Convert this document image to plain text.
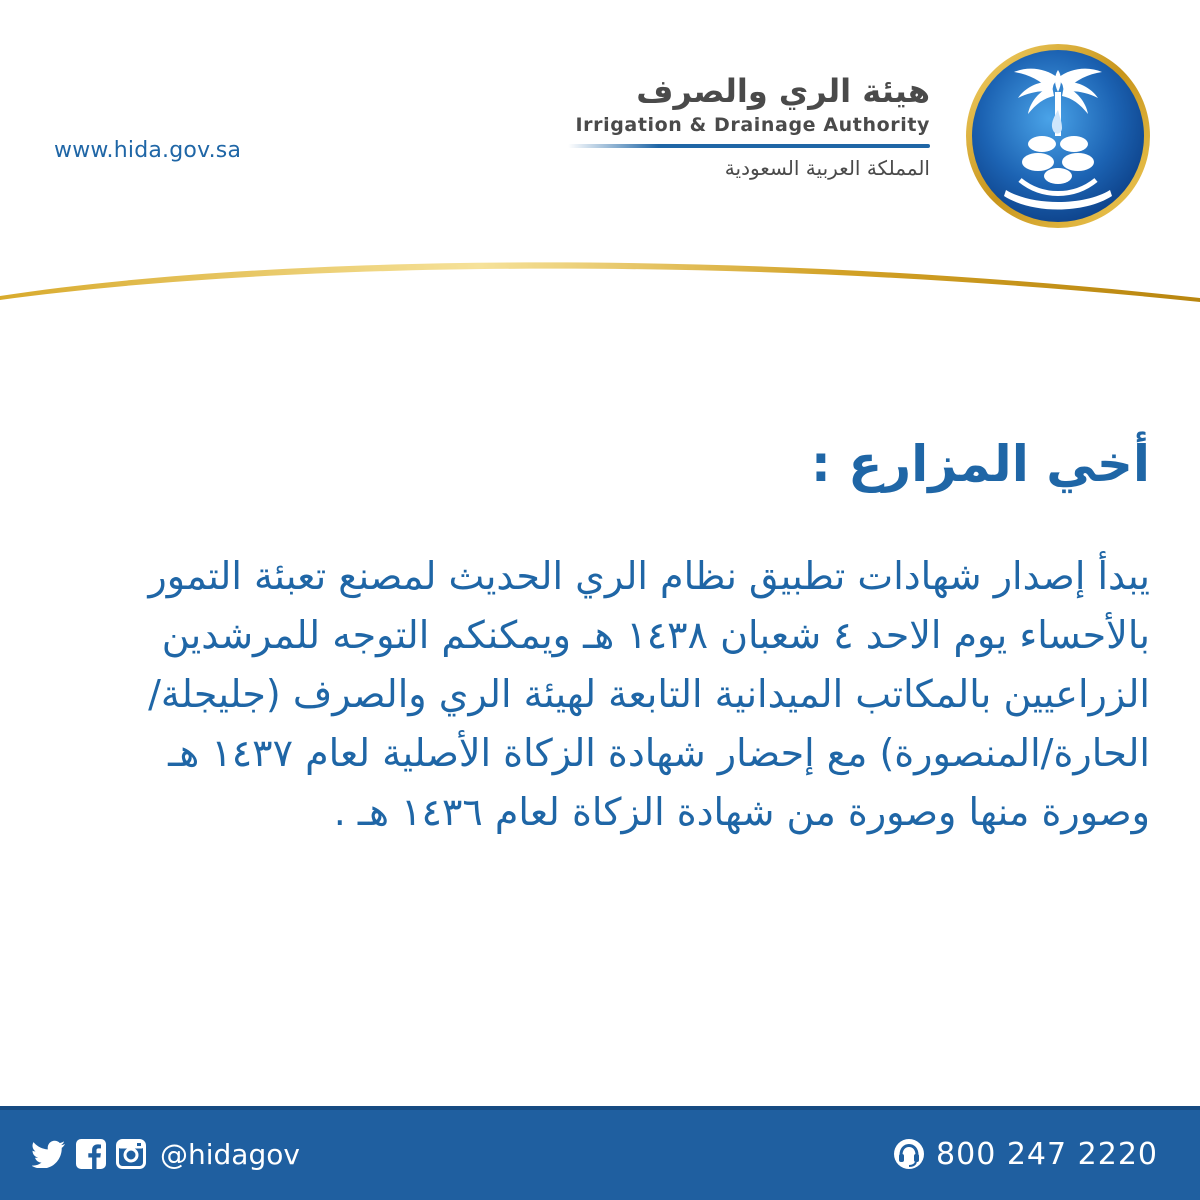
www.hida.gov.sa
هيئة الري والصرف
Irrigation & Drainage Authority
المملكة العربية السعودية
أخي المزارع :
يبدأ إصدار شهادات تطبيق نظام الري الحديث لمصنع تعبئة التمور بالأحساء يوم الاحد ٤ شعبان ١٤٣٨ هـ ويمكنكم التوجه للمرشدين الزراعيين بالمكاتب الميدانية التابعة لهيئة الري والصرف (جليجلة/الحارة/المنصورة) مع إحضار شهادة الزكاة الأصلية لعام ١٤٣٧ هـ وصورة منها وصورة من شهادة الزكاة لعام ١٤٣٦ هـ .
@hidagov	800 247 2220
